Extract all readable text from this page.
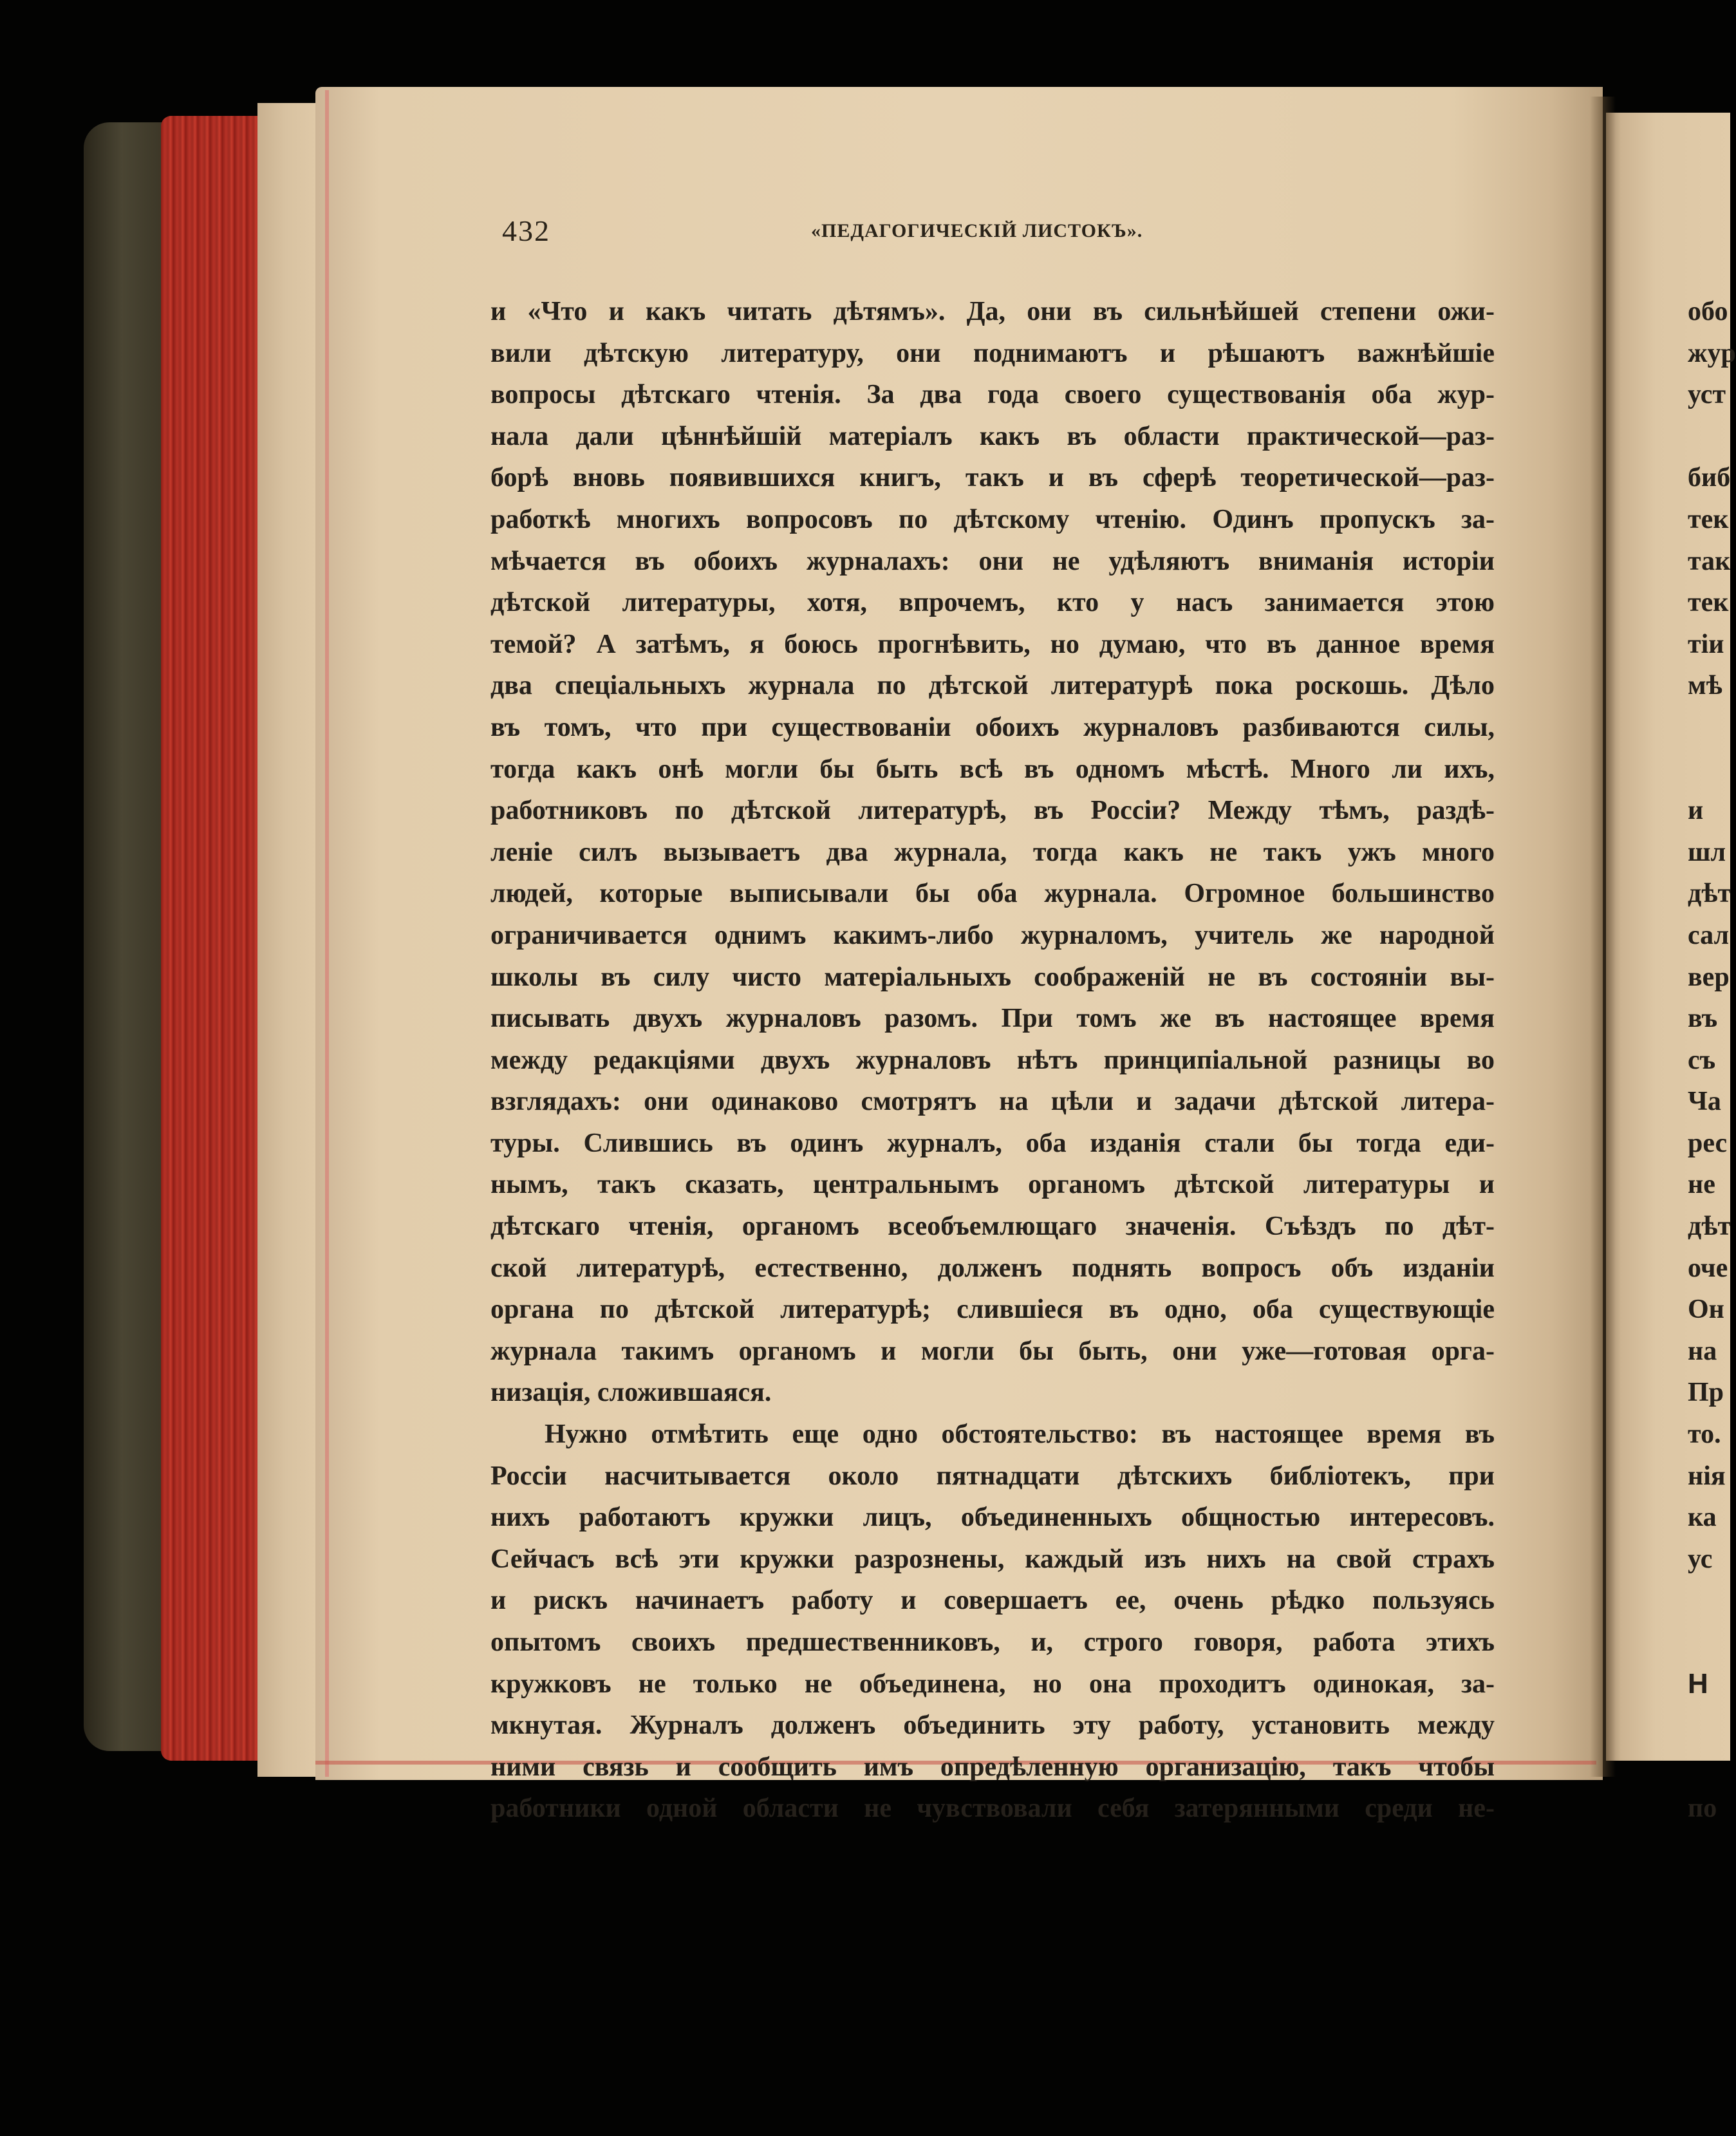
432	«ПЕДАГОГИЧЕСКІЙ ЛИСТОКЪ».
и «Что и какъ читать дѣтямъ». Да, они въ сильнѣйшей степени ожи-
вили дѣтскую литературу, они поднимаютъ и рѣшаютъ важнѣйшіе
вопросы дѣтскаго чтенія. За два года своего существованія оба жур-
нала дали цѣннѣйшій матеріалъ какъ въ области практической—раз-
борѣ вновь появившихся книгъ, такъ и въ сферѣ теоретической—раз-
работкѣ многихъ вопросовъ по дѣтскому чтенію. Одинъ пропускъ за-
мѣчается въ обоихъ журналахъ: они не удѣляютъ вниманія исторіи
дѣтской литературы, хотя, впрочемъ, кто у насъ занимается этою
темой? А затѣмъ, я боюсь прогнѣвить, но думаю, что въ данное время
два спеціальныхъ журнала по дѣтской литературѣ пока роскошь. Дѣло
въ томъ, что при существованіи обоихъ журналовъ разбиваются силы,
тогда какъ онѣ могли бы быть всѣ въ одномъ мѣстѣ. Много ли ихъ,
работниковъ по дѣтской литературѣ, въ Россіи? Между тѣмъ, раздѣ-
леніе силъ вызываетъ два журнала, тогда какъ не такъ ужъ много
людей, которые выписывали бы оба журнала. Огромное большинство
ограничивается однимъ какимъ-либо журналомъ, учитель же народной
школы въ силу чисто матеріальныхъ соображеній не въ состояніи вы-
писывать двухъ журналовъ разомъ. При томъ же въ настоящее время
между редакціями двухъ журналовъ нѣтъ принципіальной разницы во
взглядахъ: они одинаково смотрятъ на цѣли и задачи дѣтской литера-
туры. Слившись въ одинъ журналъ, оба изданія стали бы тогда еди-
нымъ, такъ сказать, центральнымъ органомъ дѣтской литературы и
дѣтскаго чтенія, органомъ всеобъемлющаго значенія. Съѣздъ по дѣт-
ской литературѣ, естественно, долженъ поднять вопросъ объ изданіи
органа по дѣтской литературѣ; слившіеся въ одно, оба существующіе
журнала такимъ органомъ и могли бы быть, они уже—готовая орга-
низація, сложившаяся.
Нужно отмѣтить еще одно обстоятельство: въ настоящее время въ
Россіи насчитывается около пятнадцати дѣтскихъ библіотекъ, при
нихъ работаютъ кружки лицъ, объединенныхъ общностью интересовъ.
Сейчасъ всѣ эти кружки разрознены, каждый изъ нихъ на свой страхъ
и рискъ начинаетъ работу и совершаетъ ее, очень рѣдко пользуясь
опытомъ своихъ предшественниковъ, и, строго говоря, работа этихъ
кружковъ не только не объединена, но она проходитъ одинокая, за-
мкнутая. Журналъ долженъ объединить эту работу, установить между
ними связь и сообщить имъ опредѣленную организацію, такъ чтобы
работники одной области не чувствовали себя затерянными среди не-
обо
жур
уст
биб
тек
так
тек
тіи
мѣ
и
шл
дѣт
сал
вер
въ
съ
Ча
рес
не
дѣт
оче
Он
на
Пр
то.
нія
ка
ус
Н
по
